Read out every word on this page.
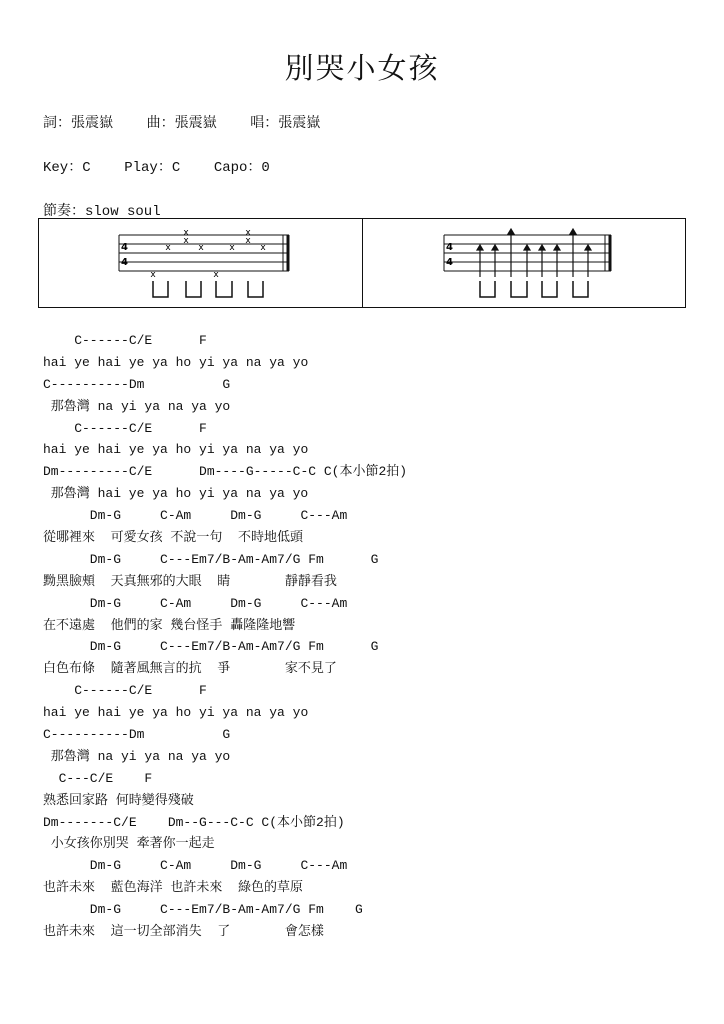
別哭小女孩
詞：張震嶽    曲：張震嶽    唱：張震嶽
Key：C    Play：C    Capo：0
節奏：slow soul
4
4
x
x
x
x
x
x
x
x
x
x	4
4
C------C/E      F
hai ye hai ye ya ho yi ya na ya yo
C----------Dm          G
那魯灣 na yi ya na ya yo
C------C/E      F
hai ye hai ye ya ho yi ya na ya yo
Dm---------C/E      Dm----G-----C-C C(本小節2拍)
那魯灣 hai ye ya ho yi ya na ya yo
Dm-G     C-Am     Dm-G     C---Am
從哪裡來  可愛女孩 不說一句  不時地低頭
Dm-G     C---Em7/B-Am-Am7/G Fm      G
黝黑臉頰  天真無邪的大眼  睛       靜靜看我
Dm-G     C-Am     Dm-G     C---Am
在不遠處  他們的家 幾台怪手 轟隆隆地響
Dm-G     C---Em7/B-Am-Am7/G Fm      G
白色布條  隨著風無言的抗  爭       家不見了
C------C/E      F
hai ye hai ye ya ho yi ya na ya yo
C----------Dm          G
那魯灣 na yi ya na ya yo
C---C/E    F
熟悉回家路 何時變得殘破
Dm-------C/E    Dm--G---C-C C(本小節2拍)
小女孩你別哭 牽著你一起走
Dm-G     C-Am     Dm-G     C---Am
也許未來  藍色海洋 也許未來  綠色的草原
Dm-G     C---Em7/B-Am-Am7/G Fm    G
也許未來  這一切全部消失  了       會怎樣
